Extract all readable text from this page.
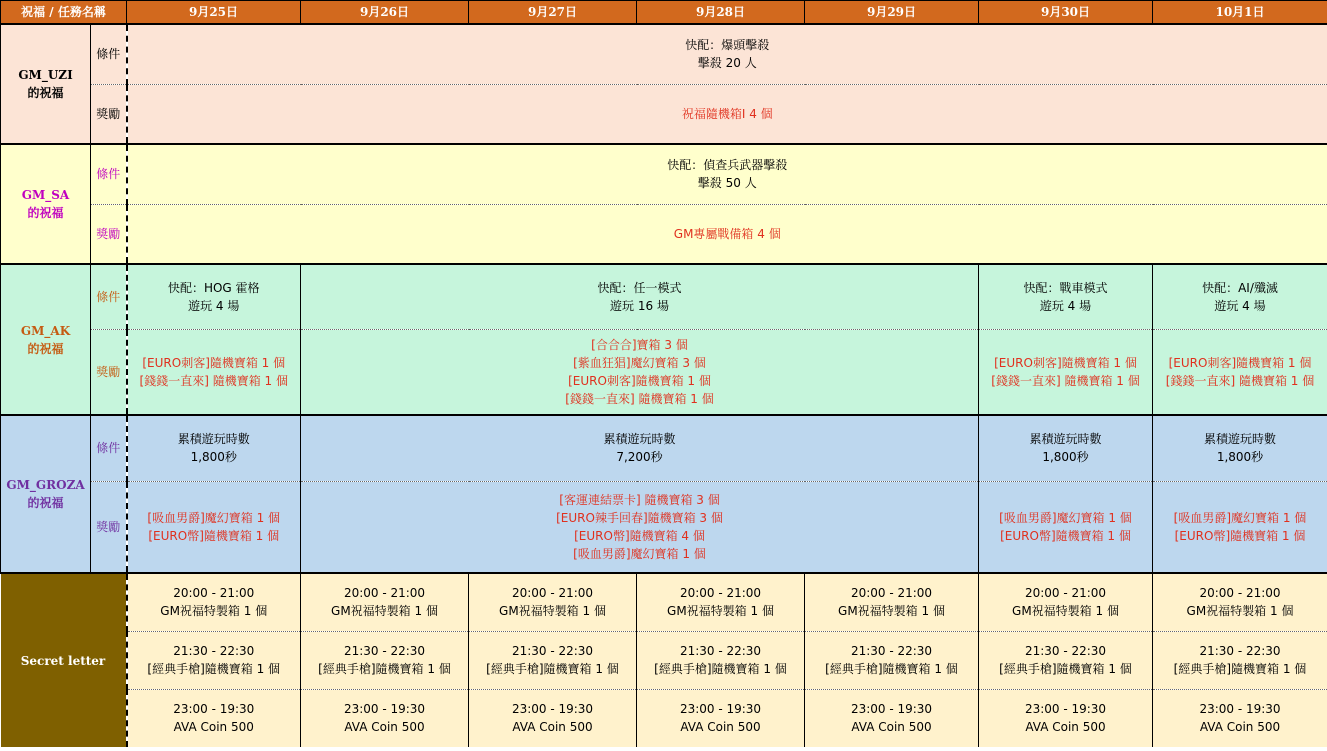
祝福 / 任務名稱		9月25日	9月26日	9月27日	9月28日	9月29日	9月30日	10月1日

GM_UZI
的祝福	條件	快配：爆頭擊殺
擊殺 20 人						

	獎勵	祝福隨機箱I 4 個						

GM_SA
的祝福	條件	快配：偵查兵武器擊殺
擊殺 50 人						

	獎勵	GM專屬戰備箱 4 個						

GM_AK
的祝福	條件	快配：HOG 霍格
遊玩 4 場	快配：任一模式
遊玩 16 場				快配：戰車模式
遊玩 4 場	快配：AI/殲滅
遊玩 4 場

	獎勵	[EURO刺客]隨機寶箱 1 個
[錢錢一直來] 隨機寶箱 1 個	[合合合]寶箱 3 個
[紫血狂猖]魔幻寶箱 3 個
[EURO刺客]隨機寶箱 1 個
[錢錢一直來] 隨機寶箱 1 個				[EURO刺客]隨機寶箱 1 個
[錢錢一直來] 隨機寶箱 1 個	[EURO刺客]隨機寶箱 1 個
[錢錢一直來] 隨機寶箱 1 個

GM_GROZA
的祝福	條件	累積遊玩時數
1,800秒	累積遊玩時數
7,200秒				累積遊玩時數
1,800秒	累積遊玩時數
1,800秒

	獎勵	[吸血男爵]魔幻寶箱 1 個
[EURO幣]隨機寶箱 1 個	[客運連結票卡] 隨機寶箱 3 個
[EURO辣手回春]隨機寶箱 3 個
[EURO幣]隨機寶箱 4 個
[吸血男爵]魔幻寶箱 1 個				[吸血男爵]魔幻寶箱 1 個
[EURO幣]隨機寶箱 1 個	[吸血男爵]魔幻寶箱 1 個
[EURO幣]隨機寶箱 1 個

Secret letter		20:00 - 21:00
GM祝福特製箱 1 個	20:00 - 21:00
GM祝福特製箱 1 個	20:00 - 21:00
GM祝福特製箱 1 個	20:00 - 21:00
GM祝福特製箱 1 個	20:00 - 21:00
GM祝福特製箱 1 個	20:00 - 21:00
GM祝福特製箱 1 個	20:00 - 21:00
GM祝福特製箱 1 個

		21:30 - 22:30
[經典手槍]隨機寶箱 1 個	21:30 - 22:30
[經典手槍]隨機寶箱 1 個	21:30 - 22:30
[經典手槍]隨機寶箱 1 個	21:30 - 22:30
[經典手槍]隨機寶箱 1 個	21:30 - 22:30
[經典手槍]隨機寶箱 1 個	21:30 - 22:30
[經典手槍]隨機寶箱 1 個	21:30 - 22:30
[經典手槍]隨機寶箱 1 個

		23:00 - 19:30
AVA Coin 500	23:00 - 19:30
AVA Coin 500	23:00 - 19:30
AVA Coin 500	23:00 - 19:30
AVA Coin 500	23:00 - 19:30
AVA Coin 500	23:00 - 19:30
AVA Coin 500	23:00 - 19:30
AVA Coin 500
